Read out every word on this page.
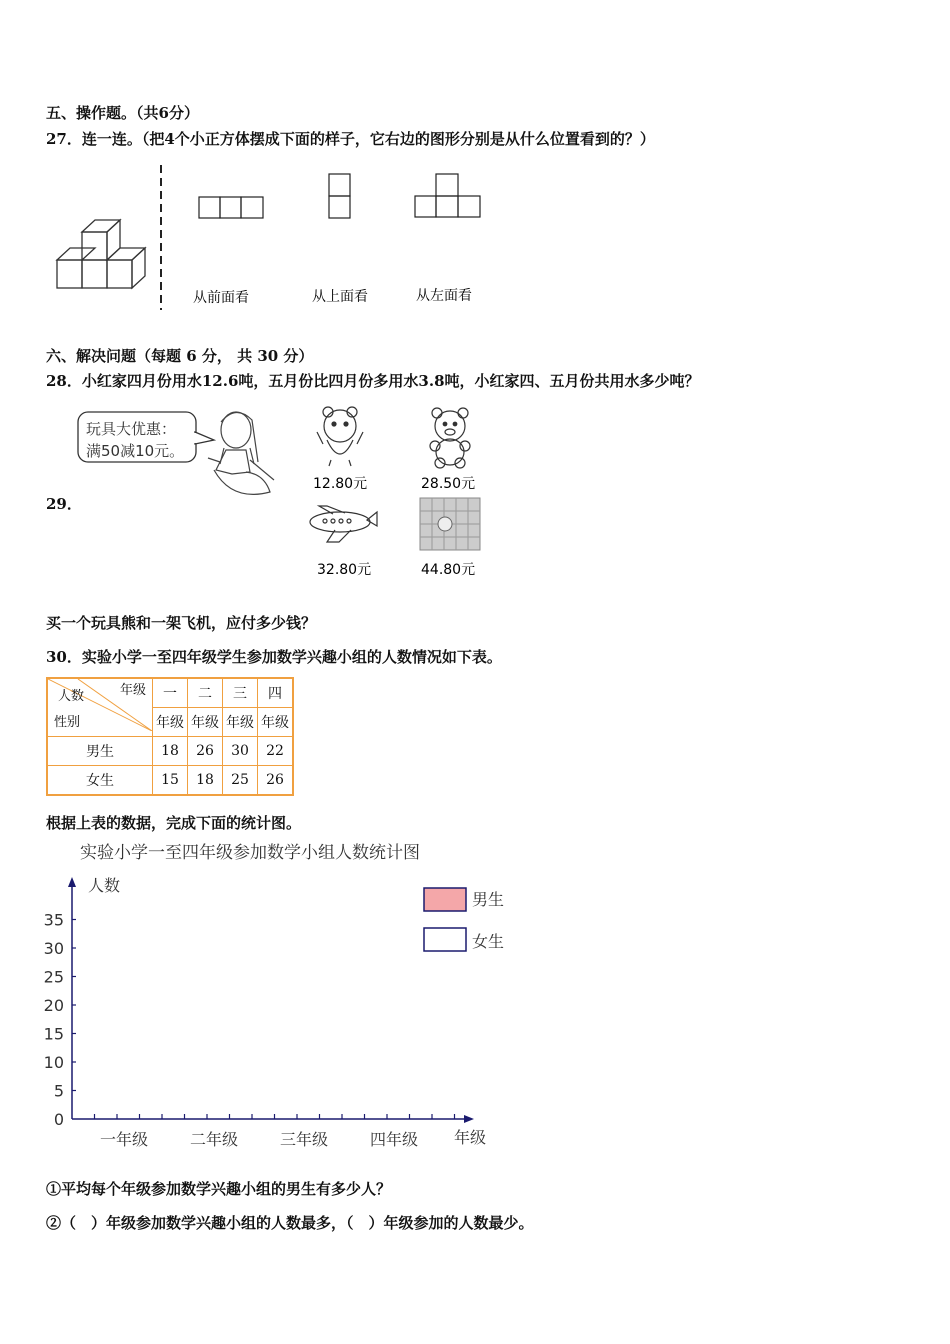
五、操作题。（共6分）
27．连一连。（把4个小正方体摆成下面的样子，它右边的图形分别是从什么位置看到的？）
从前面看	从上面看	从左面看
六、解决问题（每题 6 分， 共 30 分）
28．小红家四月份用水12.6吨，五月份比四月份多用水3.8吨，小红家四、五月份共用水多少吨？
29．
玩具大优惠：
满50减10元。
12.80元	28.50元
32.80元	44.80元
买一个玩具熊和一架飞机，应付多少钱？
30．实验小学一至四年级学生参加数学兴趣小组的人数情况如下表。
年级
人数
性别	一	二	三	四
	年级	年级	年级	年级
男生	18	26	30	22
女生	15	18	25	26
根据上表的数据，完成下面的统计图。
实验小学一至四年级参加数学小组人数统计图
人数
年级
0
5
10
15
20
25
30
35
一年级	二年级	三年级	四年级
男生
女生
①平均每个年级参加数学兴趣小组的男生有多少人？
②（　）年级参加数学兴趣小组的人数最多，（　）年级参加的人数最少。
